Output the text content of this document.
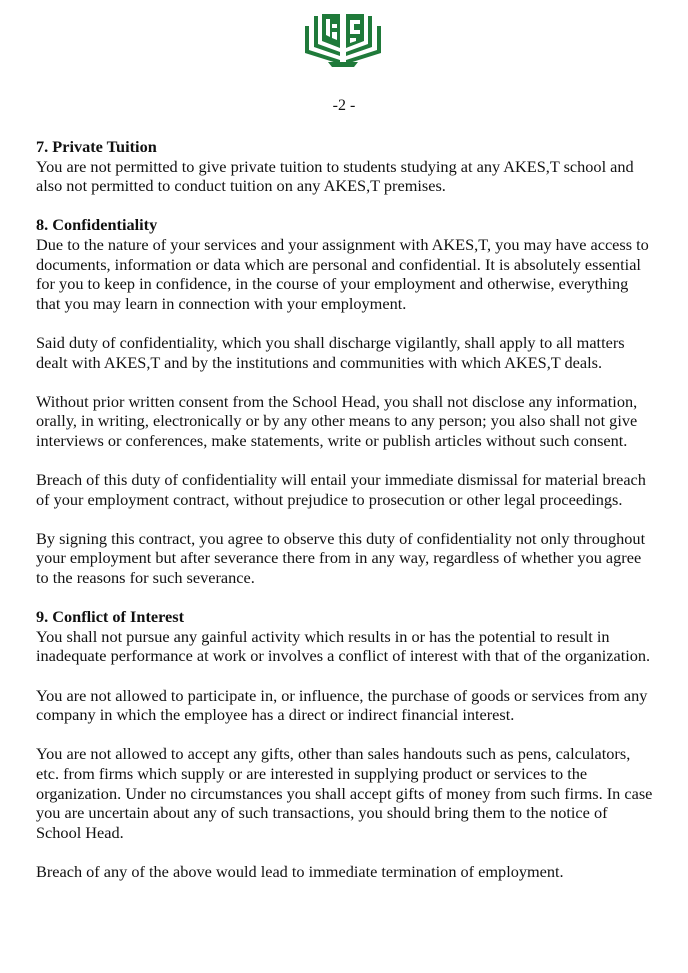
-2 -

7. Private Tuition

You are not permitted to give private tuition to students studying at any AKES,T school and also not permitted to conduct tuition on any AKES,T premises.

8. Confidentiality

Due to the nature of your services and your assignment with AKES,T, you may have access to documents, information or data which are personal and confidential. It is absolutely essential for you to keep in confidence, in the course of your employment and otherwise, everything that you may learn in connection with your employment.

Said duty of confidentiality, which you shall discharge vigilantly, shall apply to all matters dealt with AKES,T and by the institutions and communities with which AKES,T deals.

Without prior written consent from the School Head, you shall not disclose any information, orally, in writing, electronically or by any other means to any person; you also shall not give interviews or conferences, make statements, write or publish articles without such consent.

Breach of this duty of confidentiality will entail your immediate dismissal for material breach of your employment contract, without prejudice to prosecution or other legal proceedings.

By signing this contract, you agree to observe this duty of confidentiality not only throughout your employment but after severance there from in any way, regardless of whether you agree to the reasons for such severance.

9. Conflict of Interest

You shall not pursue any gainful activity which results in or has the potential to result in inadequate performance at work or involves a conflict of interest with that of the organization.

You are not allowed to participate in, or influence, the purchase of goods or services from any company in which the employee has a direct or indirect financial interest.

You are not allowed to accept any gifts, other than sales handouts such as pens, calculators, etc. from firms which supply or are interested in supplying product or services to the organization. Under no circumstances you shall accept gifts of money from such firms. In case you are uncertain about any of such transactions, you should bring them to the notice of School Head.

Breach of any of the above would lead to immediate termination of employment.
